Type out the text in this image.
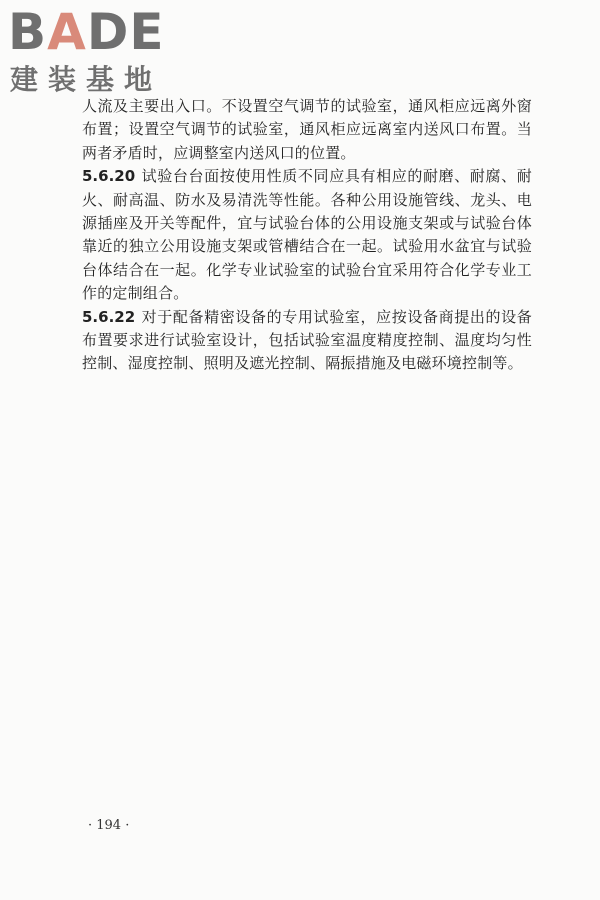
BADE
建装基地

人流及主要出入口。不设置空气调节的试验室，通风柜应远离外窗布置；设置空气调节的试验室，通风柜应远离室内送风口布置。当两者矛盾时，应调整室内送风口的位置。

5.6.20 试验台台面按使用性质不同应具有相应的耐磨、耐腐、耐火、耐高温、防水及易清洗等性能。各种公用设施管线、龙头、电源插座及开关等配件，宜与试验台体的公用设施支架或与试验台体靠近的独立公用设施支架或管槽结合在一起。试验用水盆宜与试验台体结合在一起。化学专业试验室的试验台宜采用符合化学专业工作的定制组合。

5.6.22 对于配备精密设备的专用试验室，应按设备商提出的设备布置要求进行试验室设计，包括试验室温度精度控制、温度均匀性控制、湿度控制、照明及遮光控制、隔振措施及电磁环境控制等。

· 194 ·
